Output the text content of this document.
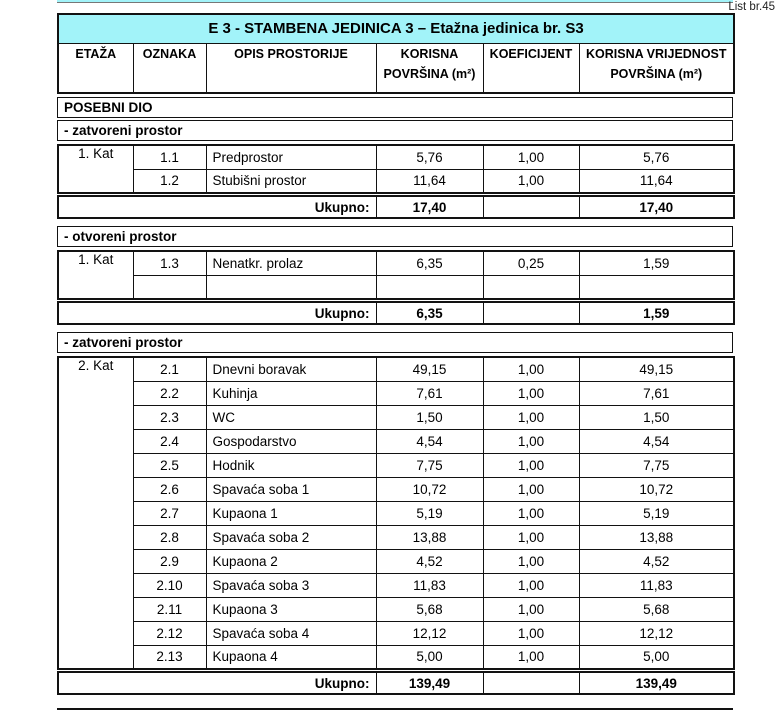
List br.45
E 3 - STAMBENA JEDINICA 3 – Etažna jedinica br. S3
ETAŽA	OZNAKA	OPIS PROSTORIJE	KORISNA
POVRŠINA (m²)	KOEFICIJENT	KORISNA VRIJEDNOST
POVRŠINA (m²)
POSEBNI DIO
- zatvoreni prostor
1. Kat	1.1	Predprostor	5,76	1,00	5,76
	1.2	Stubišni prostor	11,64	1,00	11,64
Ukupno:	17,40		17,40
- otvoreni prostor
1. Kat	1.3	Nenatkr. prolaz	6,35	0,25	1,59

Ukupno:	6,35		1,59
- zatvoreni prostor
2. Kat	2.1	Dnevni boravak	49,15	1,00	49,15
	2.2	Kuhinja	7,61	1,00	7,61
	2.3	WC	1,50	1,00	1,50
	2.4	Gospodarstvo	4,54	1,00	4,54
	2.5	Hodnik	7,75	1,00	7,75
	2.6	Spavaća soba 1	10,72	1,00	10,72
	2.7	Kupaona 1	5,19	1,00	5,19
	2.8	Spavaća soba 2	13,88	1,00	13,88
	2.9	Kupaona 2	4,52	1,00	4,52
	2.10	Spavaća soba 3	11,83	1,00	11,83
	2.11	Kupaona 3	5,68	1,00	5,68
	2.12	Spavaća soba 4	12,12	1,00	12,12
	2.13	Kupaona 4	5,00	1,00	5,00
Ukupno:	139,49		139,49
